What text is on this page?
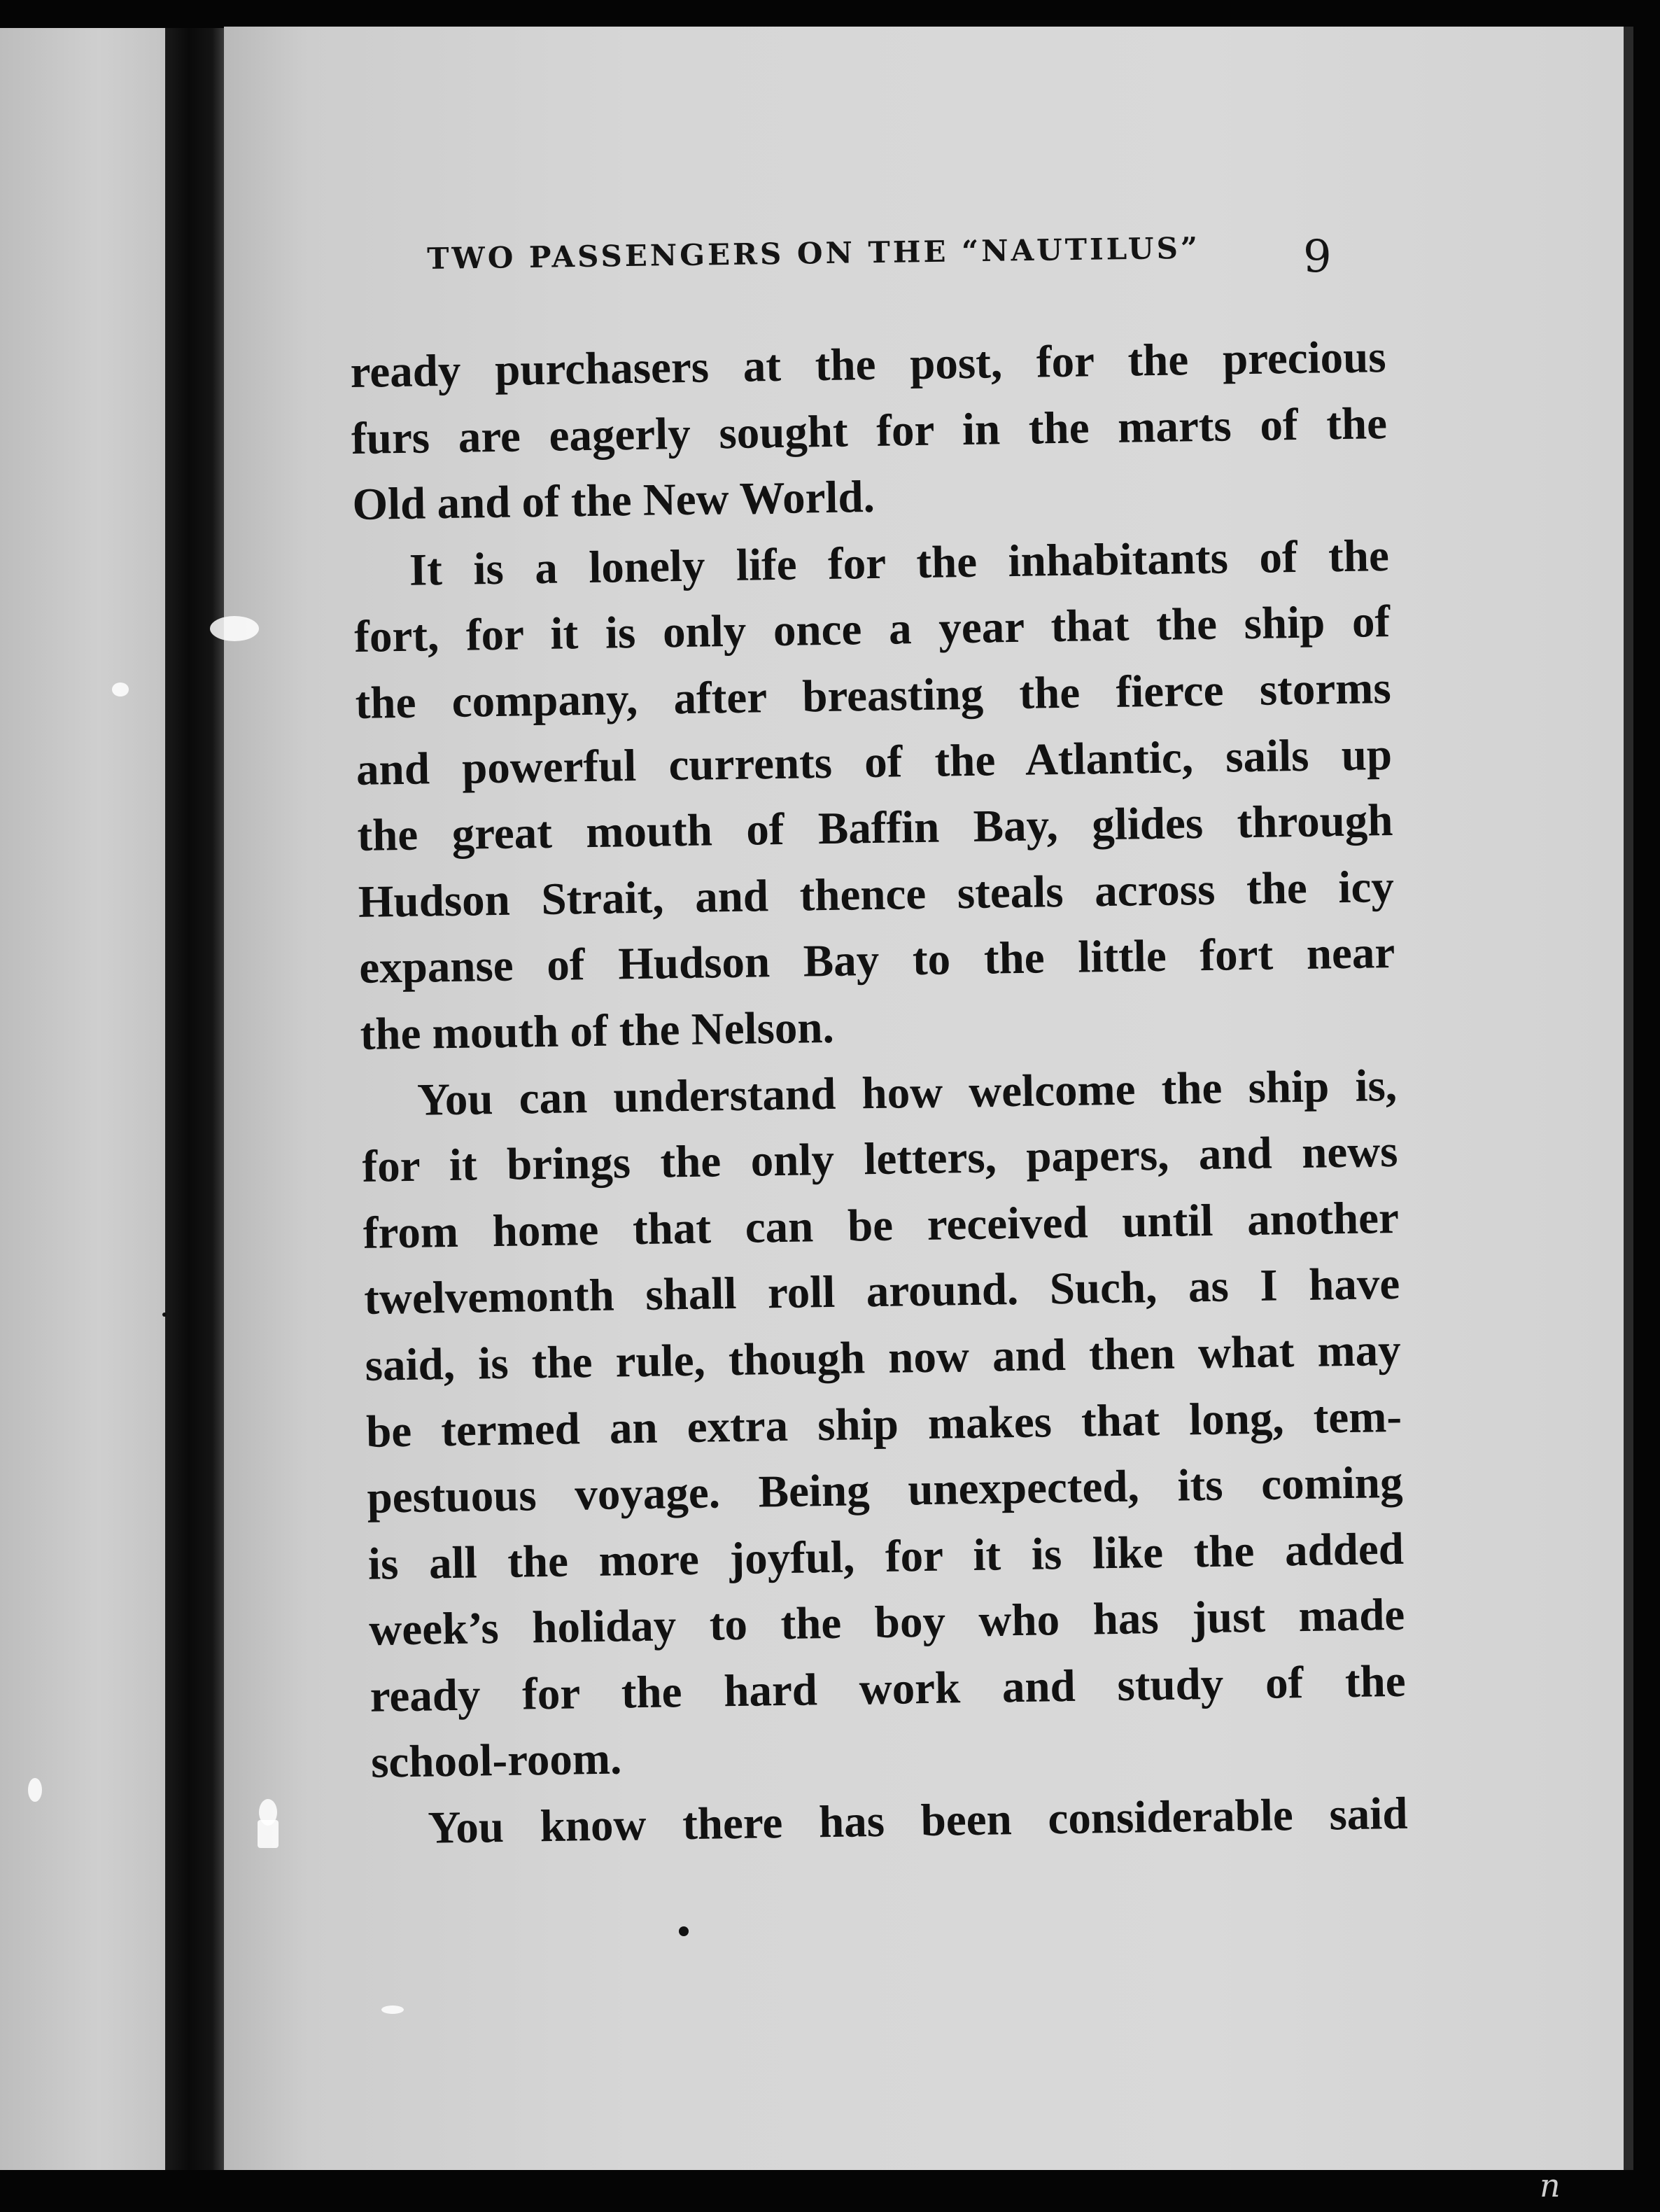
TWO PASSENGERS ON THE “NAUTILUS”	9
ready purchasers at the post, for the precious
furs are eagerly sought for in the marts of the
Old and of the New World.
It is a lonely life for the inhabitants of the
fort, for it is only once a year that the ship of
the company, after breasting the fierce storms
and powerful currents of the Atlantic, sails up
the great mouth of Baffin Bay, glides through
Hudson Strait, and thence steals across the icy
expanse of Hudson Bay to the little fort near
the mouth of the Nelson.
You can understand how welcome the ship is,
for it brings the only letters, papers, and news
from home that can be received until another
twelvemonth shall roll around. Such, as I have
said, is the rule, though now and then what may
be termed an extra ship makes that long, tem-
pestuous voyage. Being unexpected, its coming
is all the more joyful, for it is like the added
week’s holiday to the boy who has just made
ready for the hard work and study of the
school-room.
You know there has been considerable said
n
